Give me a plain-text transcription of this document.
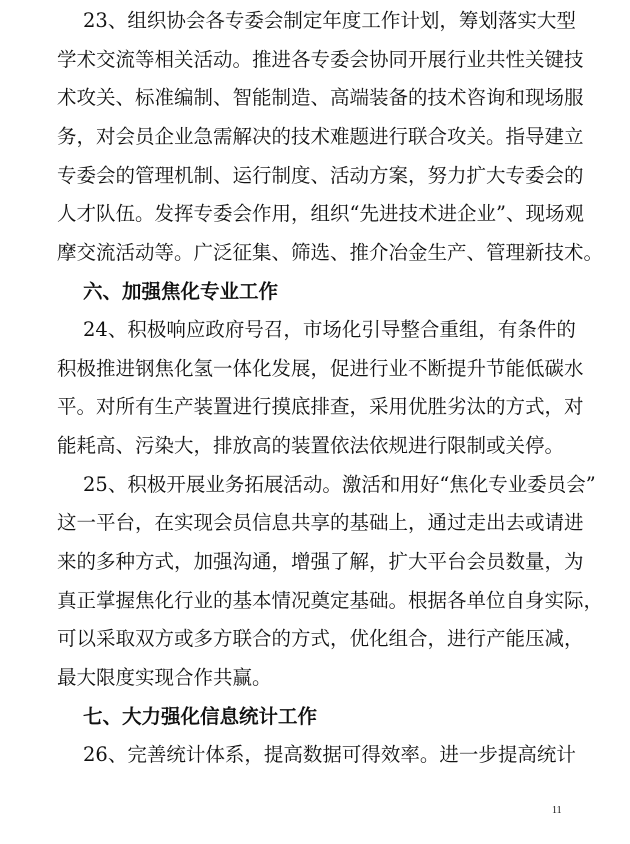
23、组织协会各专委会制定年度工作计划，筹划落实大型
学术交流等相关活动。推进各专委会协同开展行业共性关键技
术攻关、标准编制、智能制造、高端装备的技术咨询和现场服
务，对会员企业急需解决的技术难题进行联合攻关。指导建立
专委会的管理机制、运行制度、活动方案，努力扩大专委会的
人才队伍。发挥专委会作用，组织“先进技术进企业”、现场观
摩交流活动等。广泛征集、筛选、推介冶金生产、管理新技术。
六、加强焦化专业工作
24、积极响应政府号召，市场化引导整合重组，有条件的
积极推进钢焦化氢一体化发展，促进行业不断提升节能低碳水
平。对所有生产装置进行摸底排查，采用优胜劣汰的方式，对
能耗高、污染大，排放高的装置依法依规进行限制或关停。
25、积极开展业务拓展活动。激活和用好“焦化专业委员会”
这一平台，在实现会员信息共享的基础上，通过走出去或请进
来的多种方式，加强沟通，增强了解，扩大平台会员数量，为
真正掌握焦化行业的基本情况奠定基础。根据各单位自身实际，
可以采取双方或多方联合的方式，优化组合，进行产能压减，
最大限度实现合作共赢。
七、大力强化信息统计工作
26、完善统计体系，提高数据可得效率。进一步提高统计
11
